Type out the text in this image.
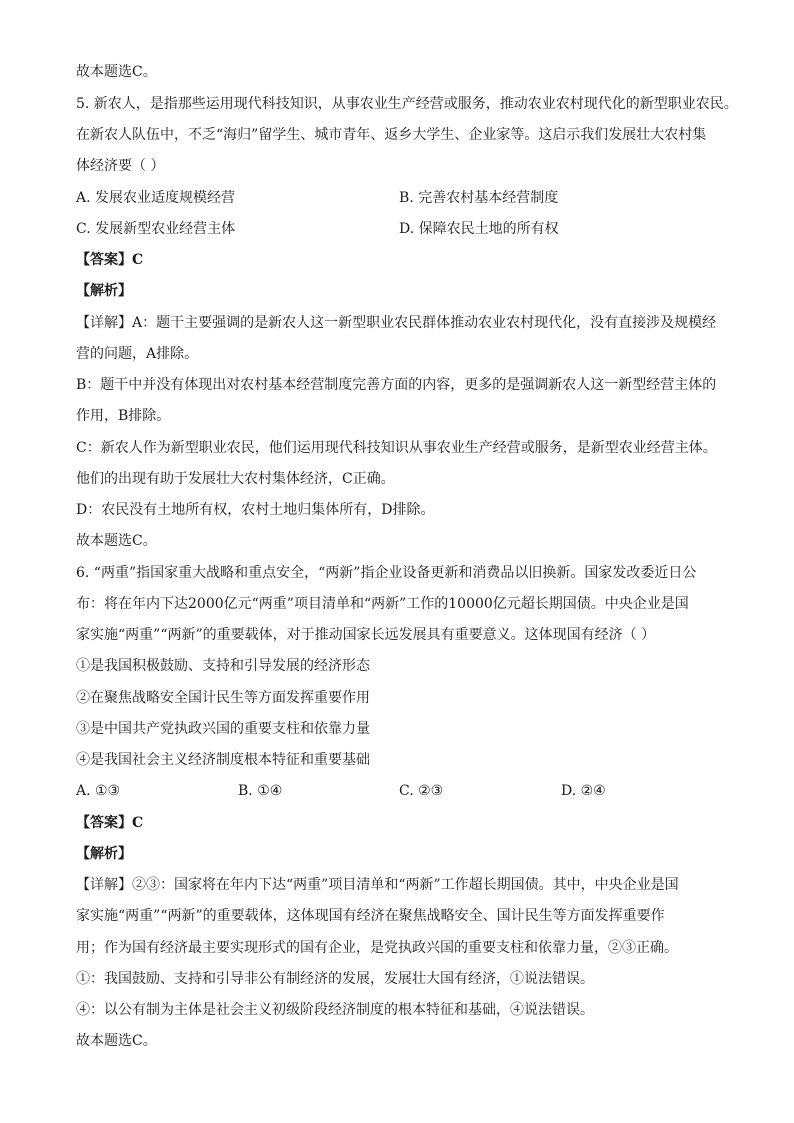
故本题选C。
5. 新农人，是指那些运用现代科技知识，从事农业生产经营或服务，推动农业农村现代化的新型职业农民。
在新农人队伍中，不乏“海归”留学生、城市青年、返乡大学生、企业家等。这启示我们发展壮大农村集
体经济要（ ）
A. 发展农业适度规模经营	B. 完善农村基本经营制度
C. 发展新型农业经营主体	D. 保障农民土地的所有权
【答案】C
【解析】
【详解】A：题干主要强调的是新农人这一新型职业农民群体推动农业农村现代化，没有直接涉及规模经
营的问题，A排除。
B：题干中并没有体现出对农村基本经营制度完善方面的内容，更多的是强调新农人这一新型经营主体的
作用，B排除。
C：新农人作为新型职业农民，他们运用现代科技知识从事农业生产经营或服务，是新型农业经营主体。
他们的出现有助于发展壮大农村集体经济，C正确。
D：农民没有土地所有权，农村土地归集体所有，D排除。
故本题选C。
6. “两重”指国家重大战略和重点安全，“两新”指企业设备更新和消费品以旧换新。国家发改委近日公
布：将在年内下达2000亿元“两重”项目清单和“两新”工作的10000亿元超长期国债。中央企业是国
家实施“两重”“两新”的重要载体，对于推动国家长远发展具有重要意义。这体现国有经济（ ）
①是我国积极鼓励、支持和引导发展的经济形态
②在聚焦战略安全国计民生等方面发挥重要作用
③是中国共产党执政兴国的重要支柱和依靠力量
④是我国社会主义经济制度根本特征和重要基础
A. ①③	B. ①④	C. ②③	D. ②④
【答案】C
【解析】
【详解】②③：国家将在年内下达“两重”项目清单和“两新”工作超长期国债。其中，中央企业是国
家实施“两重”“两新”的重要载体，这体现国有经济在聚焦战略安全、国计民生等方面发挥重要作
用；作为国有经济最主要实现形式的国有企业，是党执政兴国的重要支柱和依靠力量，②③正确。
①：我国鼓励、支持和引导非公有制经济的发展，发展壮大国有经济，①说法错误。
④：以公有制为主体是社会主义初级阶段经济制度的根本特征和基础，④说法错误。
故本题选C。
